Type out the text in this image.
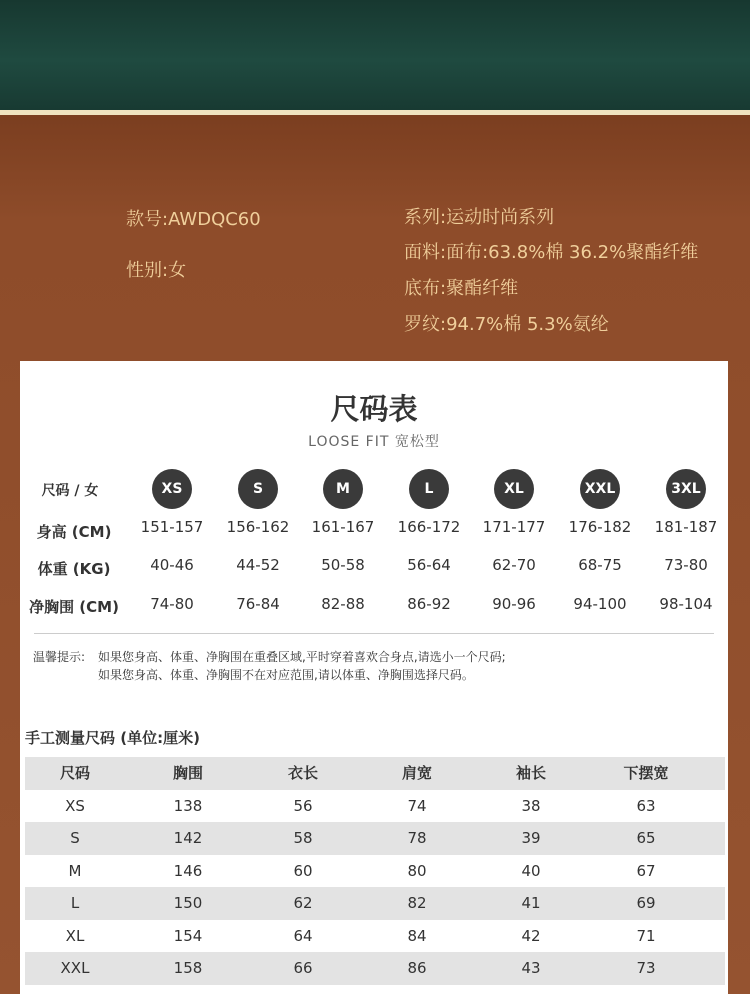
款号:AWDQC60
性别:女
系列:运动时尚系列
面料:面布:63.8%棉 36.2%聚酯纤维
底布:聚酯纤维
罗纹:94.7%棉 5.3%氨纶
尺码表
LOOSE FIT 宽松型
尺码 / 女	XS	S	M	L	XL	XXL	3XL
身高 (CM)	151-157	156-162	161-167	166-172	171-177	176-182	181-187
体重 (KG)	40-46	44-52	50-58	56-64	62-70	68-75	73-80
净胸围 (CM)	74-80	76-84	82-88	86-92	90-96	94-100	98-104
温馨提示: 如果您身高、体重、净胸围在重叠区域,平时穿着喜欢合身点,请选小一个尺码;
如果您身高、体重、净胸围不在对应范围,请以体重、净胸围选择尺码。
手工测量尺码 (单位:厘米)
尺码	胸围	衣长	肩宽	袖长	下摆宽
XS	138	56	74	38	63
S	142	58	78	39	65
M	146	60	80	40	67
L	150	62	82	41	69
XL	154	64	84	42	71
XXL	158	66	86	43	73
